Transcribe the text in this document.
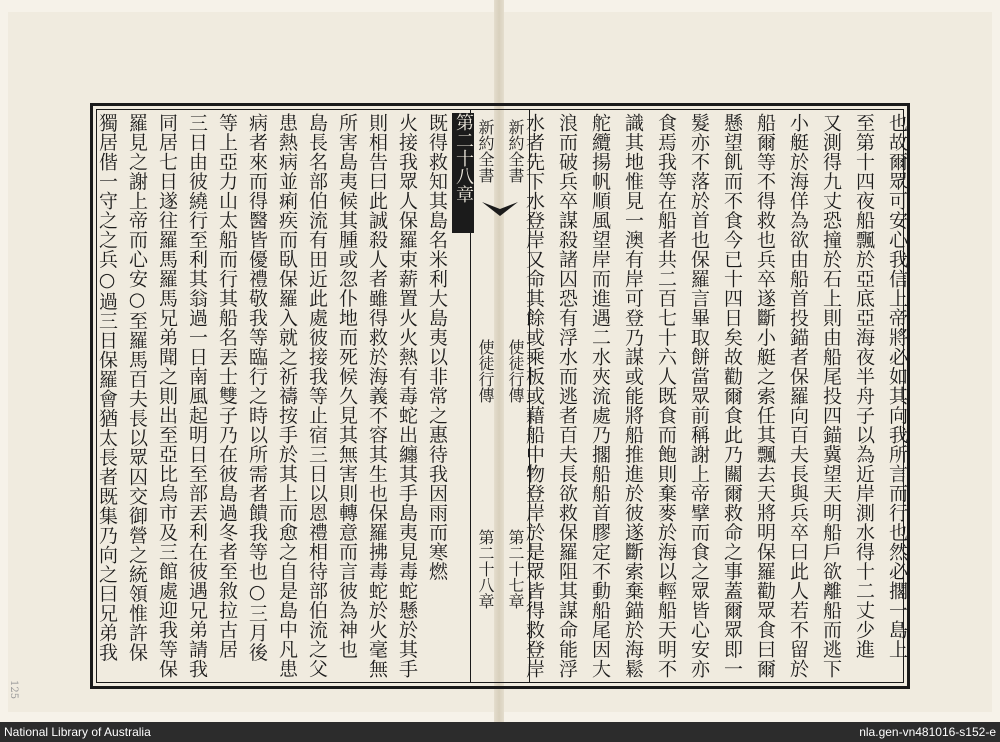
也故爾眾可安心我信上帝將必如其向我所言而行也然必擱一島上
至第十四夜船飄於亞底亞海夜半舟子以為近岸測水得十二丈少進
又測得九丈恐撞於石上則由船尾投四錨冀望天明船戶欲離船而逃下
小艇於海佯為欲由船首投錨者保羅向百夫長與兵卒曰此人若不留於
船爾等不得救也兵卒遂斷小艇之索任其飄去天將明保羅勸眾食曰爾
懸望飢而不食今已十四日矣故勸爾食此乃關爾救命之事蓋爾眾即一
髮亦不落於首也保羅言畢取餅當眾前稱謝上帝擘而食之眾皆心安亦
食焉我等在船者共二百七十六人既食而飽則棄麥於海以輕船天明不
識其地惟見一澳有岸可登乃謀或能將船推進於彼遂斷索棄錨於海鬆
舵纜揚帆順風望岸而進遇二水夾流處乃擱船船首膠定不動船尾因大
浪而破兵卒謀殺諸囚恐有浮水而逃者百夫長欲救保羅阻其謀命能浮
水者先下水登岸又命其餘或乘板或藉船中物登岸於是眾皆得救登岸
既得救知其島名米利大島夷以非常之惠待我因雨而寒燃
火接我眾人保羅束薪置火火熱有毒蛇出纏其手島夷見毒蛇懸於其手
則相告曰此誠殺人者雖得救於海義不容其生也保羅拂毒蛇於火毫無
所害島夷候其腫或忽仆地而死候久見其無害則轉意而言彼為神也
島長名部伯流有田近此處彼接我等止宿三日以恩禮相待部伯流之父
患熱病並痢疾而臥保羅入就之祈禱按手於其上而愈之自是島中凡患
病者來而得醫皆優禮敬我等臨行之時以所需者饋我等也○三月後
等上亞力山太船而行其船名丟士雙子乃在彼島過冬者至敘拉古居
三日由彼繞行至利其翁過一日南風起明日至部丟利在彼遇兄弟請我
同居七日遂往羅馬羅馬兄弟聞之則出至亞比烏市及三館處迎我等保
羅見之謝上帝而心安○至羅馬百夫長以眾囚交御營之統領惟許保
獨居偕一守之之兵○過三日保羅會猶太長者既集乃向之曰兄弟我
新約全書 新約全書
使徒行傳 使徒行傳
第二十八章 第二十七章
第二十八章
125
National Library of Australia	nla.gen-vn481016-s152-e
